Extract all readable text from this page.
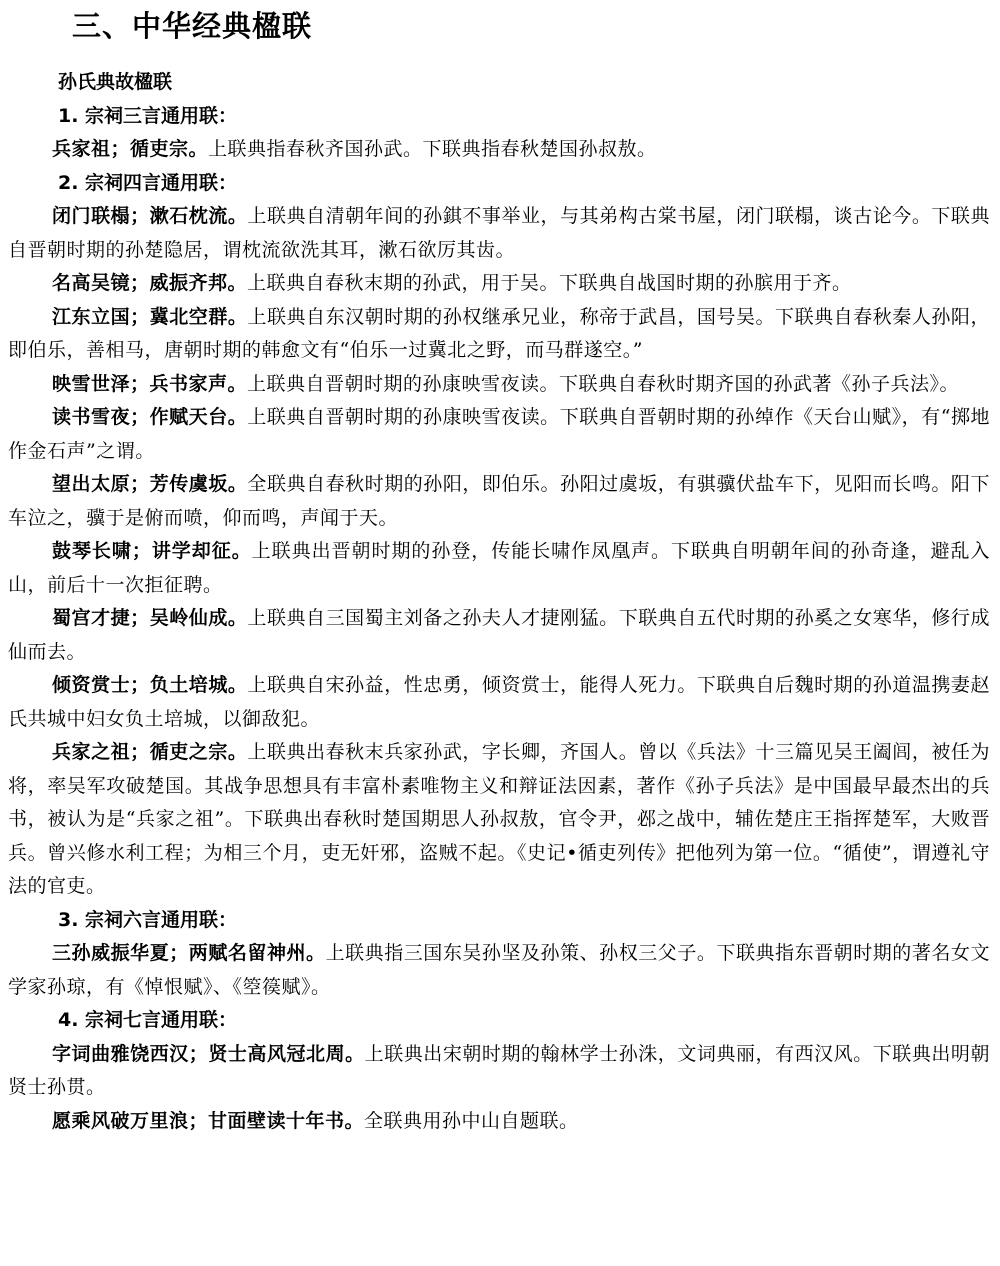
三、中华经典楹联
孙氏典故楹联
1. 宗祠三言通用联：

兵家祖；循吏宗。上联典指春秋齐国孙武。下联典指春秋楚国孙叔敖。

2. 宗祠四言通用联：

闭门联榻；漱石枕流。上联典自清朝年间的孙錤不事举业，与其弟构古棠书屋，闭门联榻，谈古论今。下联典自晋朝时期的孙楚隐居，谓枕流欲洗其耳，漱石欲厉其齿。

名高吴镜；威振齐邦。上联典自春秋末期的孙武，用于吴。下联典自战国时期的孙膑用于齐。

江东立国；冀北空群。上联典自东汉朝时期的孙权继承兄业，称帝于武昌，国号吴。下联典自春秋秦人孙阳，即伯乐，善相马，唐朝时期的韩愈文有“伯乐一过冀北之野，而马群遂空。”

映雪世泽；兵书家声。上联典自晋朝时期的孙康映雪夜读。下联典自春秋时期齐国的孙武著《孙子兵法》。

读书雪夜；作赋天台。上联典自晋朝时期的孙康映雪夜读。下联典自晋朝时期的孙绰作《天台山赋》，有“掷地作金石声”之谓。

望出太原；芳传虞坂。全联典自春秋时期的孙阳，即伯乐。孙阳过虞坂，有骐骥伏盐车下，见阳而长鸣。阳下车泣之，骥于是俯而喷，仰而鸣，声闻于天。

鼓琴长啸；讲学却征。上联典出晋朝时期的孙登，传能长啸作凤凰声。下联典自明朝年间的孙奇逢，避乱入山，前后十一次拒征聘。

蜀宫才捷；吴岭仙成。上联典自三国蜀主刘备之孙夫人才捷刚猛。下联典自五代时期的孙奚之女寒华，修行成仙而去。

倾资赏士；负土培城。上联典自宋孙益，性忠勇，倾资赏士，能得人死力。下联典自后魏时期的孙道温携妻赵氏共城中妇女负土培城，以御敌犯。

兵家之祖；循吏之宗。上联典出春秋末兵家孙武，字长卿，齐国人。曾以《兵法》十三篇见吴王阖闾，被任为将，率吴军攻破楚国。其战争思想具有丰富朴素唯物主义和辩证法因素，著作《孙子兵法》是中国最早最杰出的兵书，被认为是“兵家之祖”。下联典出春秋时楚国期思人孙叔敖，官令尹，邲之战中，辅佐楚庄王指挥楚军，大败晋兵。曾兴修水利工程；为相三个月，吏无奸邪，盗贼不起。《史记•循吏列传》把他列为第一位。“循使”，谓遵礼守法的官吏。

3. 宗祠六言通用联：

三孙威振华夏；两赋名留神州。上联典指三国东吴孙坚及孙策、孙权三父子。下联典指东晋朝时期的著名女文学家孙琼，有《悼恨赋》、《箜篌赋》。

4. 宗祠七言通用联：

字词曲雅饶西汉；贤士高风冠北周。上联典出宋朝时期的翰林学士孙洙，文词典丽，有西汉风。下联典出明朝贤士孙贯。

愿乘风破万里浪；甘面壁读十年书。全联典用孙中山自题联。
